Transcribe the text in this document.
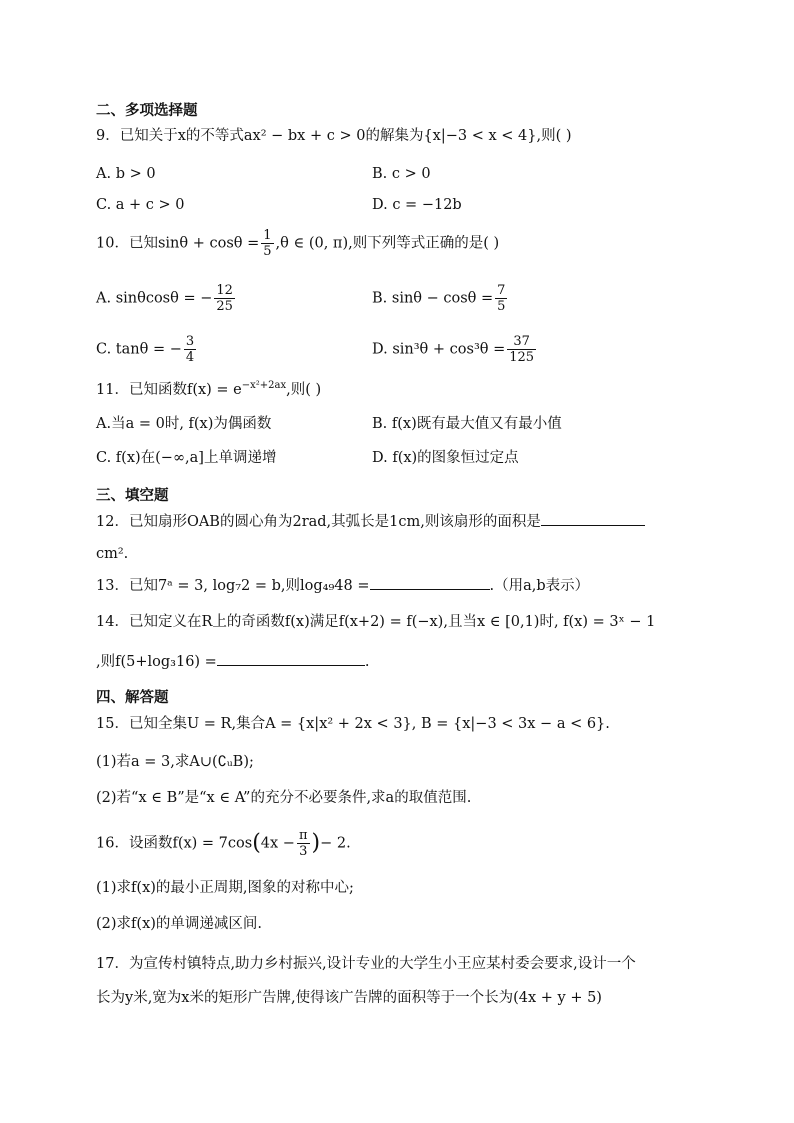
二、多项选择题
9．已知关于x的不等式ax² − bx + c > 0的解集为{x|−3 < x < 4},则( )
A. b > 0	B. c > 0
C. a + c > 0	D. c = −12b
10．已知$\sin\theta + \cos\theta = \frac{1}{5} ,\theta$ ∈ (0, π),则下列等式正确的是( )
A. sinθcosθ = − $\frac{12}{25}$	B. $\sin\theta - \cos\theta = \frac{7}{5}$
C. tanθ = − $\frac{3}{4}$	D. $\sin^3\theta + \cos^3\theta = \frac{37}{125}$
11．已知函数$f(x) = e^{-x^2+2ax}$,则( )
A.当a = 0时, f(x)为偶函数	B. f(x)既有最大值又有最小值
C. f(x)在(−∞,a]上单调递增	D. f(x)的图象恒过定点
三、填空题
12．已知扇形OAB的圆心角为2rad,其弧长是1cm,则该扇形的面积是
cm².
13．已知7ᵃ = 3, log₇2 = b,则log₄₉48 =	.（用a,b表示）
14．已知定义在R上的奇函数f(x)满足f(x+2) = f(−x),且当x ∈ [0,1)时, f(x) = 3ˣ − 1
,则f(5+log₃16) =	.
四、解答题
15．已知全集U = R,集合A = {x|x² + 2x < 3}, B = {x|−3 < 3x − a < 6}.
(1)若a = 3,求A∪(∁ᵤB);
(2)若“x ∈ B”是“x ∈ A”的充分不必要条件,求a的取值范围.
16．设函数$f(x) = 7\cos(4x - \frac{\pi}{3}$ )− 2.
(1)求f(x)的最小正周期,图象的对称中心;
(2)求f(x)的单调递减区间.
17．为宣传村镇特点,助力乡村振兴,设计专业的大学生小王应某村委会要求,设计一个
长为y米,宽为x米的矩形广告牌,使得该广告牌的面积等于一个长为(4x + y + 5)
